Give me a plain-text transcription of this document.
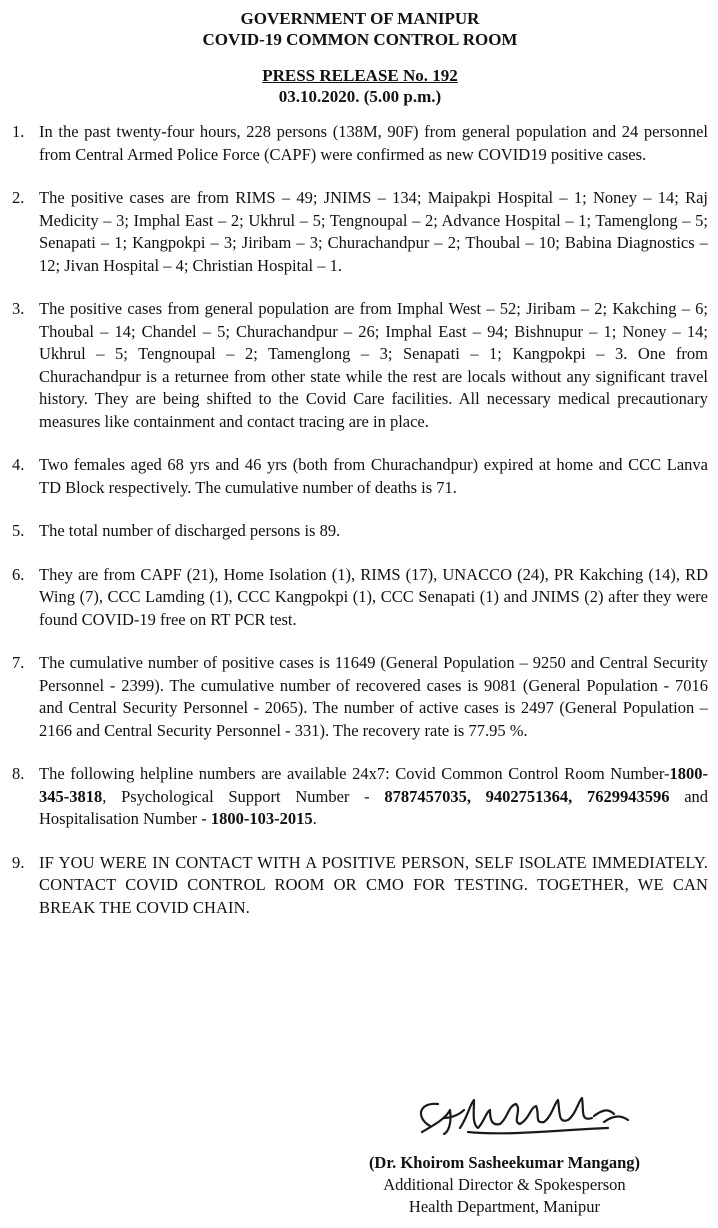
GOVERNMENT OF MANIPUR
COVID-19 COMMON CONTROL ROOM
PRESS RELEASE No. 192
03.10.2020. (5.00 p.m.)
1. In the past twenty-four hours, 228 persons (138M, 90F) from general population and 24 personnel from Central Armed Police Force (CAPF) were confirmed as new COVID19 positive cases.
2. The positive cases are from RIMS – 49; JNIMS – 134; Maipakpi Hospital – 1; Noney – 14; Raj Medicity – 3; Imphal East – 2; Ukhrul – 5; Tengnoupal – 2; Advance Hospital – 1; Tamenglong – 5; Senapati – 1; Kangpokpi – 3; Jiribam – 3; Churachandpur – 2; Thoubal – 10; Babina Diagnostics – 12; Jivan Hospital – 4; Christian Hospital – 1.
3. The positive cases from general population are from Imphal West – 52; Jiribam – 2; Kakching – 6; Thoubal – 14; Chandel – 5; Churachandpur – 26; Imphal East – 94; Bishnupur – 1; Noney – 14; Ukhrul – 5; Tengnoupal – 2; Tamenglong – 3; Senapati – 1; Kangpokpi – 3. One from Churachandpur is a returnee from other state while the rest are locals without any significant travel history. They are being shifted to the Covid Care facilities. All necessary medical precautionary measures like containment and contact tracing are in place.
4. Two females aged 68 yrs and 46 yrs (both from Churachandpur) expired at home and CCC Lanva TD Block respectively. The cumulative number of deaths is 71.
5. The total number of discharged persons is 89.
6. They are from CAPF (21), Home Isolation (1), RIMS (17), UNACCO (24), PR Kakching (14), RD Wing (7), CCC Lamding (1), CCC Kangpokpi (1), CCC Senapati (1) and JNIMS (2) after they were found COVID-19 free on RT PCR test.
7. The cumulative number of positive cases is 11649 (General Population – 9250 and Central Security Personnel - 2399). The cumulative number of recovered cases is 9081 (General Population - 7016 and Central Security Personnel - 2065). The number of active cases is 2497 (General Population – 2166 and Central Security Personnel - 331). The recovery rate is 77.95 %.
8. The following helpline numbers are available 24x7: Covid Common Control Room Number-1800-345-3818, Psychological Support Number - 8787457035, 9402751364, 7629943596 and Hospitalisation Number - 1800-103-2015.
9. IF YOU WERE IN CONTACT WITH A POSITIVE PERSON, SELF ISOLATE IMMEDIATELY. CONTACT COVID CONTROL ROOM OR CMO FOR TESTING. TOGETHER, WE CAN BREAK THE COVID CHAIN.
(Dr. Khoirom Sasheekumar Mangang)
Additional Director & Spokesperson
Health Department, Manipur
